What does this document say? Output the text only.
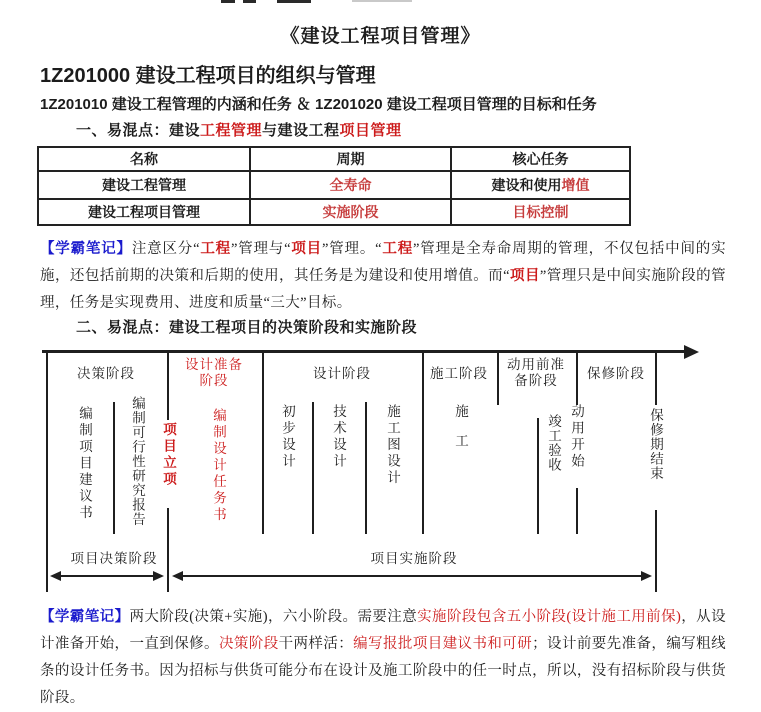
《建设工程项目管理》
1Z201000 建设工程项目的组织与管理
1Z201010 建设工程管理的内涵和任务 ＆ 1Z201020 建设工程项目管理的目标和任务
一、易混点：建设工程管理与建设工程项目管理
名称	周期	核心任务
建设工程管理	全寿命	建设和使用增值
建设工程项目管理	实施阶段	目标控制

【学霸笔记】注意区分“工程”管理与“项目”管理。“工程”管理是全寿命周期的管理，不仅包括中间的实施，还包括前期的决策和后期的使用，其任务是为建设和使用增值。而“项目”管理只是中间实施阶段的管理，任务是实现费用、进度和质量“三大”目标。

二、易混点：建设工程项目的决策阶段和实施阶段
决策阶段
设计准备
阶段	设计阶段	施工阶段
动用前准
备阶段	保修阶段
编制项目建议书	编制可行性研究报告 项目立项	编制设计任务书	初步设计	技术设计	施工图设计	施工	竣工验收 动用开始	保修期结束
项目决策阶段	项目实施阶段

【学霸笔记】两大阶段(决策+实施)，六小阶段。需要注意实施阶段包含五小阶段(设计施工用前保)，从设计准备开始，一直到保修。决策阶段干两样活：编写报批项目建议书和可研；设计前要先准备，编写粗线条的设计任务书。因为招标与供货可能分布在设计及施工阶段中的任一时点，所以，没有招标阶段与供货阶段。
